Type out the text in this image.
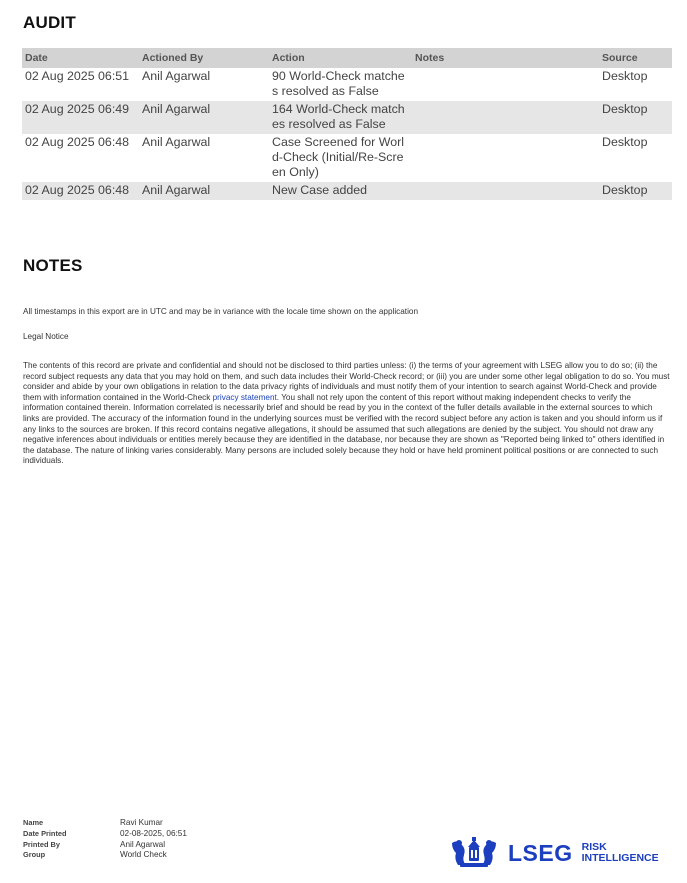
AUDIT
Date	Actioned By	Action	Notes	Source
02 Aug 2025 06:51	Anil Agarwal	90 World-Check matches resolved as False		Desktop
02 Aug 2025 06:49	Anil Agarwal	164 World-Check matches resolved as False		Desktop
02 Aug 2025 06:48	Anil Agarwal	Case Screened for World-Check (Initial/Re-Screen Only)		Desktop
02 Aug 2025 06:48	Anil Agarwal	New Case added		Desktop
NOTES

All timestamps in this export are in UTC and may be in variance with the locale time shown on the application

Legal Notice

The contents of this record are private and confidential and should not be disclosed to third parties unless: (i) the terms of your agreement with LSEG allow you to do so; (ii) the record subject requests any data that you may hold on them, and such data includes their World-Check record; or (iii) you are under some other legal obligation to do so. You must consider and abide by your own obligations in relation to the data privacy rights of individuals and must notify them of your intention to search against World-Check and provide them with information contained in the World-Check privacy statement. You shall not rely upon the content of this report without making independent checks to verify the information contained therein. Information correlated is necessarily brief and should be read by you in the context of the fuller details available in the external sources to which links are provided. The accuracy of the information found in the underlying sources must be verified with the record subject before any action is taken and you should inform us if any links to the sources are broken. If this record contains negative allegations, it should be assumed that such allegations are denied by the subject. You should not draw any negative inferences about individuals or entities merely because they are identified in the database, nor because they are shown as "Reported being linked to" others identified in the database. The nature of linking varies considerably. Many persons are included solely because they hold or have held prominent political positions or are connected to such individuals.

Name	Ravi Kumar
Date Printed	02-08-2025, 06:51
Printed By	Anil Agarwal
Group	World Check	LSEG RISK
INTELLIGENCE
